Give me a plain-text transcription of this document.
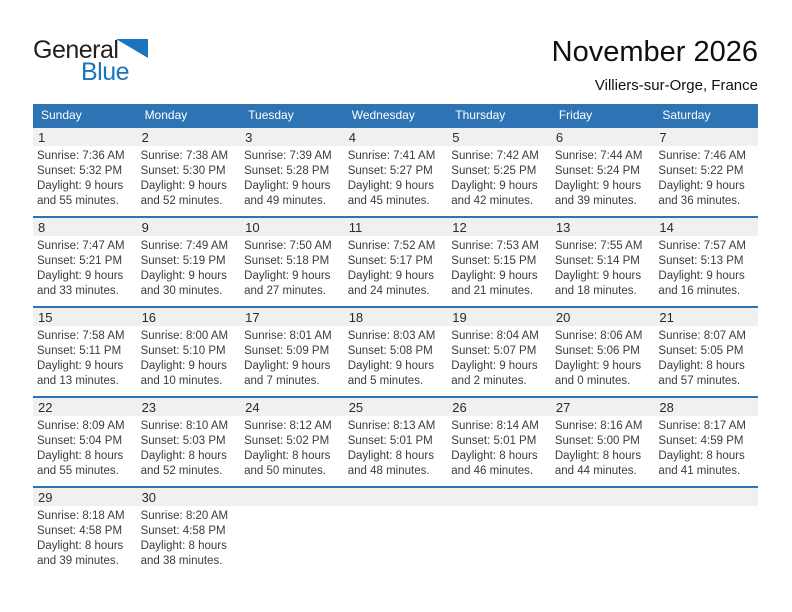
General
Blue
November 2026
Villiers-sur-Orge, France
Sunday	Monday	Tuesday	Wednesday	Thursday	Friday	Saturday
1	2	3	4	5	6	7
Sunrise: 7:36 AM
Sunset: 5:32 PM
Daylight: 9 hours
and 55 minutes.
Sunrise: 7:38 AM
Sunset: 5:30 PM
Daylight: 9 hours
and 52 minutes.
Sunrise: 7:39 AM
Sunset: 5:28 PM
Daylight: 9 hours
and 49 minutes.
Sunrise: 7:41 AM
Sunset: 5:27 PM
Daylight: 9 hours
and 45 minutes.
Sunrise: 7:42 AM
Sunset: 5:25 PM
Daylight: 9 hours
and 42 minutes.
Sunrise: 7:44 AM
Sunset: 5:24 PM
Daylight: 9 hours
and 39 minutes.
Sunrise: 7:46 AM
Sunset: 5:22 PM
Daylight: 9 hours
and 36 minutes.
8	9	10	11	12	13	14
Sunrise: 7:47 AM
Sunset: 5:21 PM
Daylight: 9 hours
and 33 minutes.
Sunrise: 7:49 AM
Sunset: 5:19 PM
Daylight: 9 hours
and 30 minutes.
Sunrise: 7:50 AM
Sunset: 5:18 PM
Daylight: 9 hours
and 27 minutes.
Sunrise: 7:52 AM
Sunset: 5:17 PM
Daylight: 9 hours
and 24 minutes.
Sunrise: 7:53 AM
Sunset: 5:15 PM
Daylight: 9 hours
and 21 minutes.
Sunrise: 7:55 AM
Sunset: 5:14 PM
Daylight: 9 hours
and 18 minutes.
Sunrise: 7:57 AM
Sunset: 5:13 PM
Daylight: 9 hours
and 16 minutes.
15	16	17	18	19	20	21
Sunrise: 7:58 AM
Sunset: 5:11 PM
Daylight: 9 hours
and 13 minutes.
Sunrise: 8:00 AM
Sunset: 5:10 PM
Daylight: 9 hours
and 10 minutes.
Sunrise: 8:01 AM
Sunset: 5:09 PM
Daylight: 9 hours
and 7 minutes.
Sunrise: 8:03 AM
Sunset: 5:08 PM
Daylight: 9 hours
and 5 minutes.
Sunrise: 8:04 AM
Sunset: 5:07 PM
Daylight: 9 hours
and 2 minutes.
Sunrise: 8:06 AM
Sunset: 5:06 PM
Daylight: 9 hours
and 0 minutes.
Sunrise: 8:07 AM
Sunset: 5:05 PM
Daylight: 8 hours
and 57 minutes.
22	23	24	25	26	27	28
Sunrise: 8:09 AM
Sunset: 5:04 PM
Daylight: 8 hours
and 55 minutes.
Sunrise: 8:10 AM
Sunset: 5:03 PM
Daylight: 8 hours
and 52 minutes.
Sunrise: 8:12 AM
Sunset: 5:02 PM
Daylight: 8 hours
and 50 minutes.
Sunrise: 8:13 AM
Sunset: 5:01 PM
Daylight: 8 hours
and 48 minutes.
Sunrise: 8:14 AM
Sunset: 5:01 PM
Daylight: 8 hours
and 46 minutes.
Sunrise: 8:16 AM
Sunset: 5:00 PM
Daylight: 8 hours
and 44 minutes.
Sunrise: 8:17 AM
Sunset: 4:59 PM
Daylight: 8 hours
and 41 minutes.
29	30
Sunrise: 8:18 AM
Sunset: 4:58 PM
Daylight: 8 hours
and 39 minutes.
Sunrise: 8:20 AM
Sunset: 4:58 PM
Daylight: 8 hours
and 38 minutes.
